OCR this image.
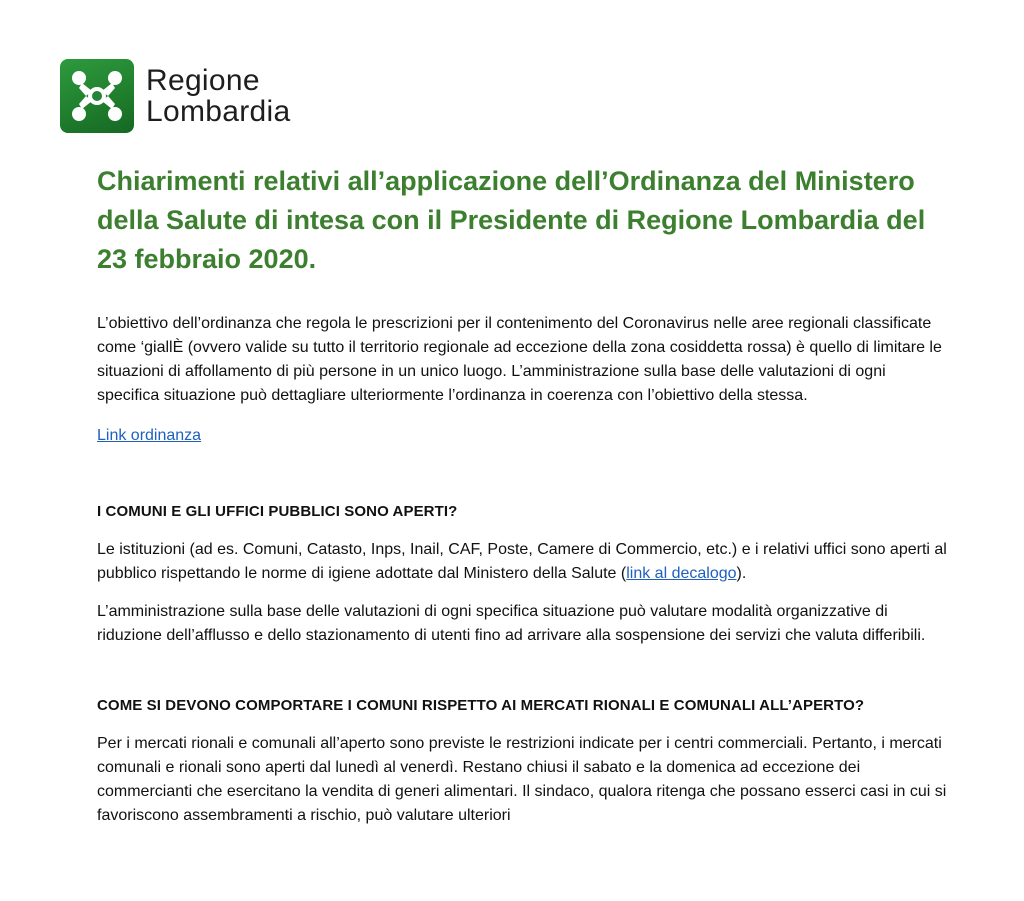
Regione
Lombardia
Chiarimenti relativi all’applicazione dell’Ordinanza del Ministero della Salute di intesa con il Presidente di Regione Lombardia del 23 febbraio 2020.

L’obiettivo dell’ordinanza che regola le prescrizioni per il contenimento del Coronavirus nelle aree regionali classificate come ‘giallÈ (ovvero valide su tutto il territorio regionale ad eccezione della zona cosiddetta rossa) è quello di limitare le situazioni di affollamento di più persone in un unico luogo. L’amministrazione sulla base delle valutazioni di ogni specifica situazione può dettagliare ulteriormente l’ordinanza in coerenza con l’obiettivo della stessa.

Link ordinanza

I COMUNI E GLI UFFICI PUBBLICI SONO APERTI?

Le istituzioni (ad es. Comuni, Catasto, Inps, Inail, CAF, Poste, Camere di Commercio, etc.) e i relativi uffici sono aperti al pubblico rispettando le norme di igiene adottate dal Ministero della Salute (link al decalogo).

L’amministrazione sulla base delle valutazioni di ogni specifica situazione può valutare modalità organizzative di riduzione dell’afflusso e dello stazionamento di utenti fino ad arrivare alla sospensione dei servizi che valuta differibili.

COME SI DEVONO COMPORTARE I COMUNI RISPETTO AI MERCATI RIONALI E COMUNALI ALL’APERTO?

Per i mercati rionali e comunali all’aperto sono previste le restrizioni indicate per i centri commerciali. Pertanto, i mercati comunali e rionali sono aperti dal lunedì al venerdì. Restano chiusi il sabato e la domenica ad eccezione dei commercianti che esercitano la vendita di generi alimentari. Il sindaco, qualora ritenga che possano esserci casi in cui si favoriscono assembramenti a rischio, può valutare ulteriori
